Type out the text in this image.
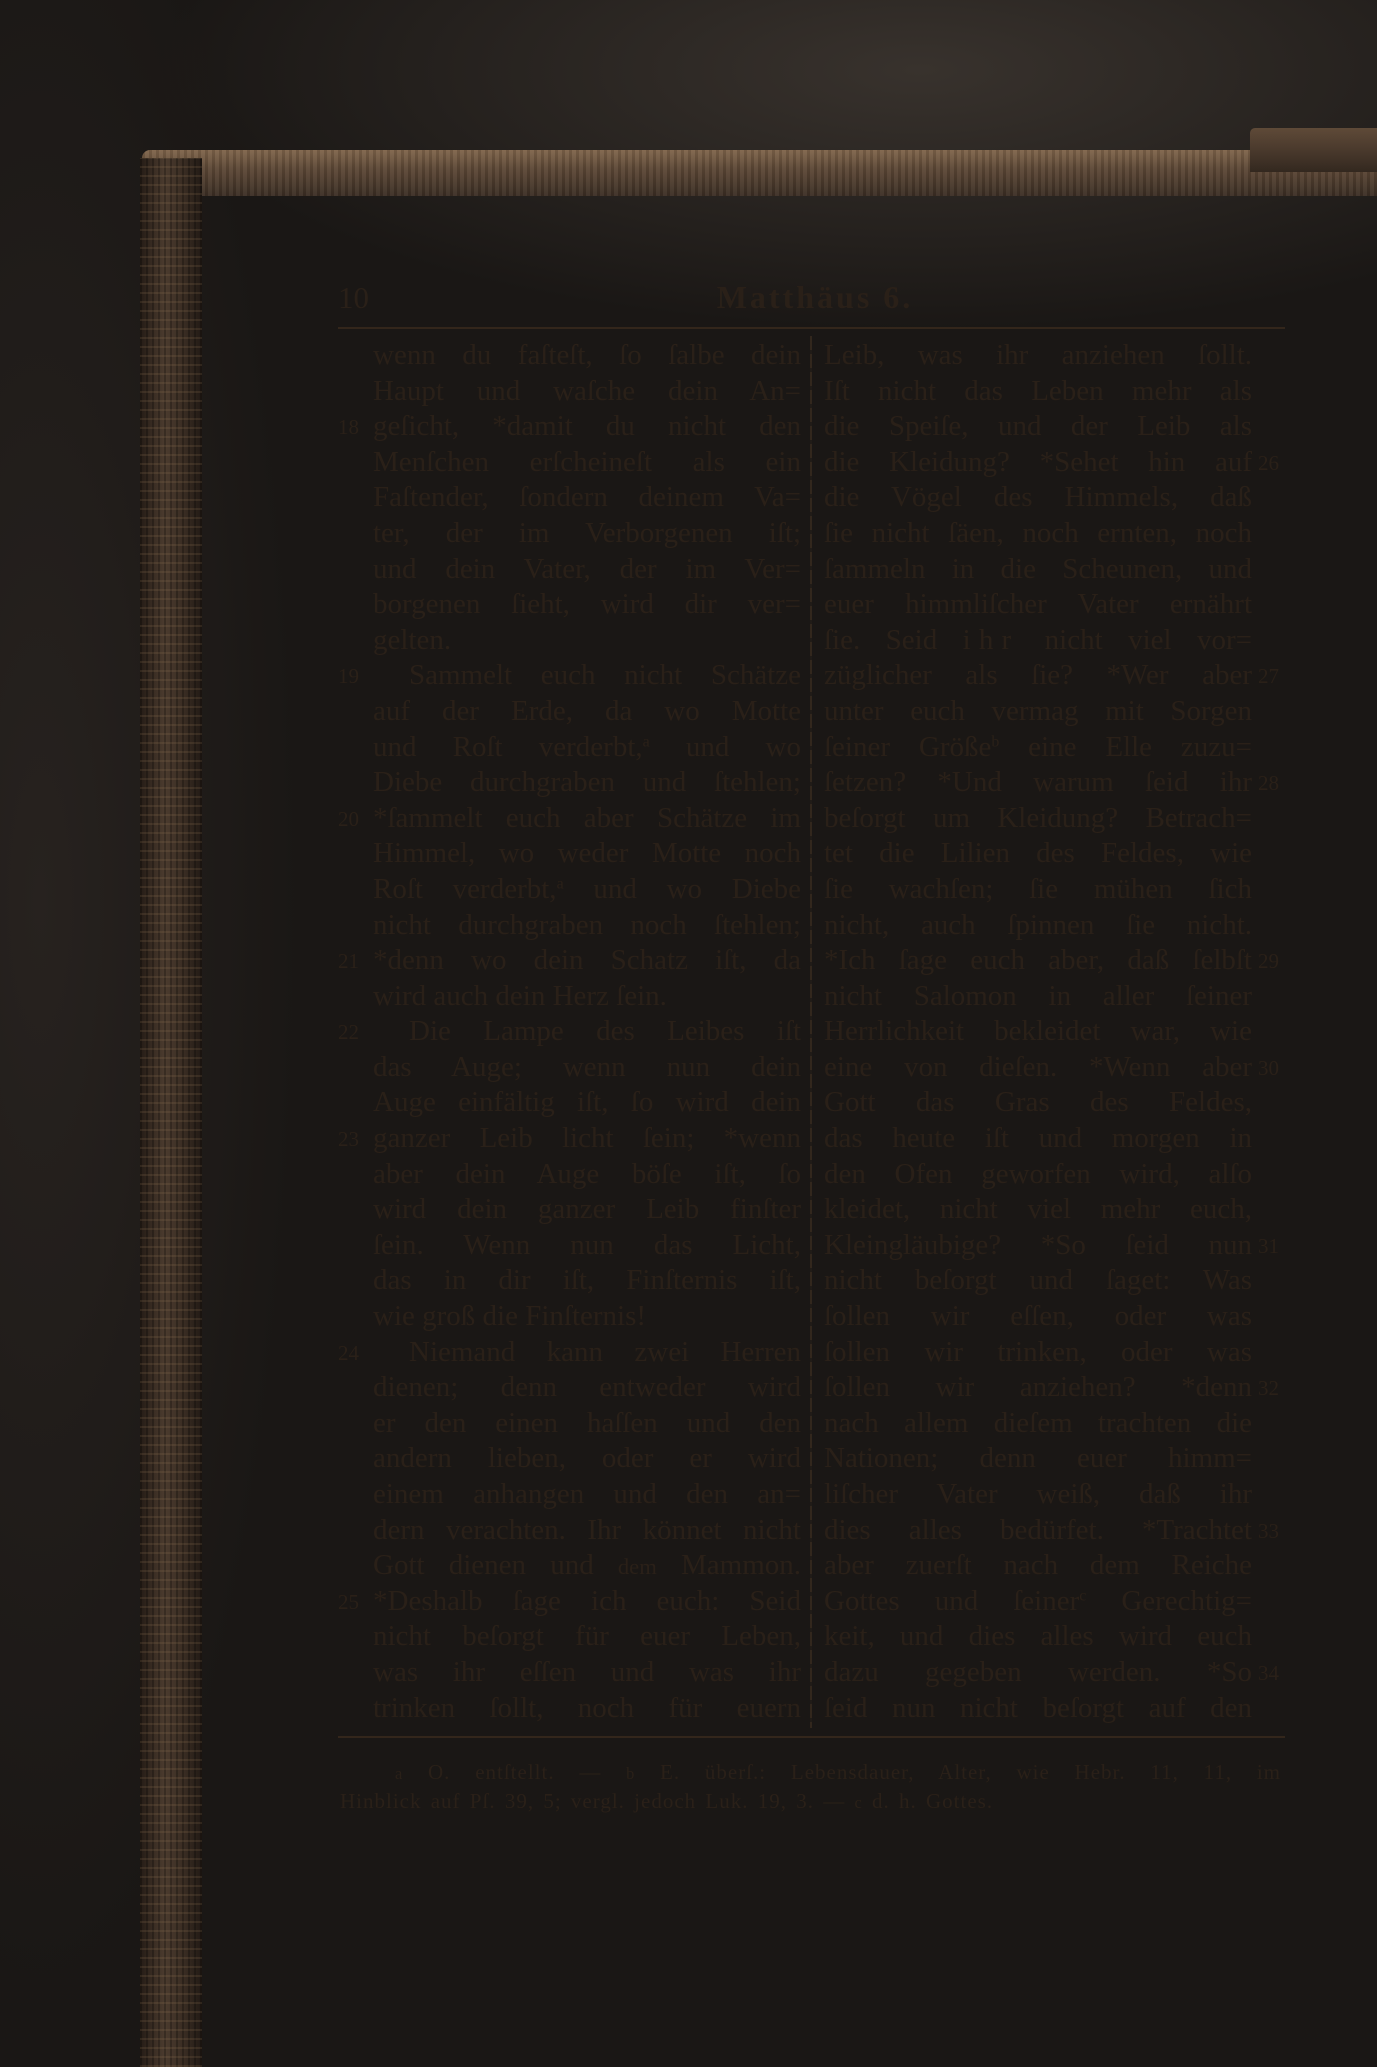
10	Matthäus 6.
wenn du faſteſt, ſo ſalbe dein
Haupt und waſche dein An=
18 geſicht, *damit du nicht den
Menſchen erſcheineſt als ein
Faſtender, ſondern deinem Va=
ter, der im Verborgenen iſt;
und dein Vater, der im Ver=
borgenen ſieht, wird dir ver=
gelten.
19 Sammelt euch nicht Schätze
auf der Erde, da wo Motte
und Roſt verderbt,$^a$ und wo
Diebe durchgraben und ſtehlen;
20 *ſammelt euch aber Schätze im
Himmel, wo weder Motte noch
Roſt verderbt,$^a$ und wo Diebe
nicht durchgraben noch ſtehlen;
21 *denn wo dein Schatz iſt, da
wird auch dein Herz ſein.
22 Die Lampe des Leibes iſt
das Auge; wenn nun dein
Auge einfältig iſt, ſo wird dein
23 ganzer Leib licht ſein; *wenn
aber dein Auge böſe iſt, ſo
wird dein ganzer Leib finſter
ſein. Wenn nun das Licht,
das in dir iſt, Finſternis iſt,
wie groß die Finſternis!
24 Niemand kann zwei Herren
dienen; denn entweder wird
er den einen haſſen und den
andern lieben, oder er wird
einem anhangen und den an=
dern verachten. Ihr könnet nicht
Gott dienen und dem Mammon.
25 *Deshalb ſage ich euch: Seid
nicht beſorgt für euer Leben,
was ihr eſſen und was ihr
trinken ſollt, noch für euern
Leib, was ihr anziehen ſollt.
Iſt nicht das Leben mehr als
die Speiſe, und der Leib als
26
die Kleidung? *Sehet hin auf
die Vögel des Himmels, daß
ſie nicht ſäen, noch ernten, noch
ſammeln in die Scheunen, und
euer himmliſcher Vater ernährt
ſie. Seid ihr nicht viel vor=
27
züglicher als ſie? *Wer aber
unter euch vermag mit Sorgen
ſeiner Größe$^b$ eine Elle zuzu=
28
ſetzen? *Und warum ſeid ihr
beſorgt um Kleidung? Betrach=
tet die Lilien des Feldes, wie
ſie wachſen; ſie mühen ſich
nicht, auch ſpinnen ſie nicht.
29
*Ich ſage euch aber, daß ſelbſt
nicht Salomon in aller ſeiner
Herrlichkeit bekleidet war, wie
30
eine von dieſen. *Wenn aber
Gott das Gras des Feldes,
das heute iſt und morgen in
den Ofen geworfen wird, alſo
kleidet, nicht viel mehr euch,
31
Kleingläubige? *So ſeid nun
nicht beſorgt und ſaget: Was
ſollen wir eſſen, oder was
ſollen wir trinken, oder was
32
ſollen wir anziehen? *denn
nach allem dieſem trachten die
Nationen; denn euer himm=
liſcher Vater weiß, daß ihr
33
dies alles bedürfet. *Trachtet
aber zuerſt nach dem Reiche
Gottes und ſeiner$^c$ Gerechtig=
keit, und dies alles wird euch
34
dazu gegeben werden. *So
ſeid nun nicht beſorgt auf den
a O. entſtellt. — b E. überſ.: Lebensdauer, Alter, wie Hebr. 11, 11, im
Hinblick auf Pſ. 39, 5; vergl. jedoch Luk. 19, 3. — c d. h. Gottes.
